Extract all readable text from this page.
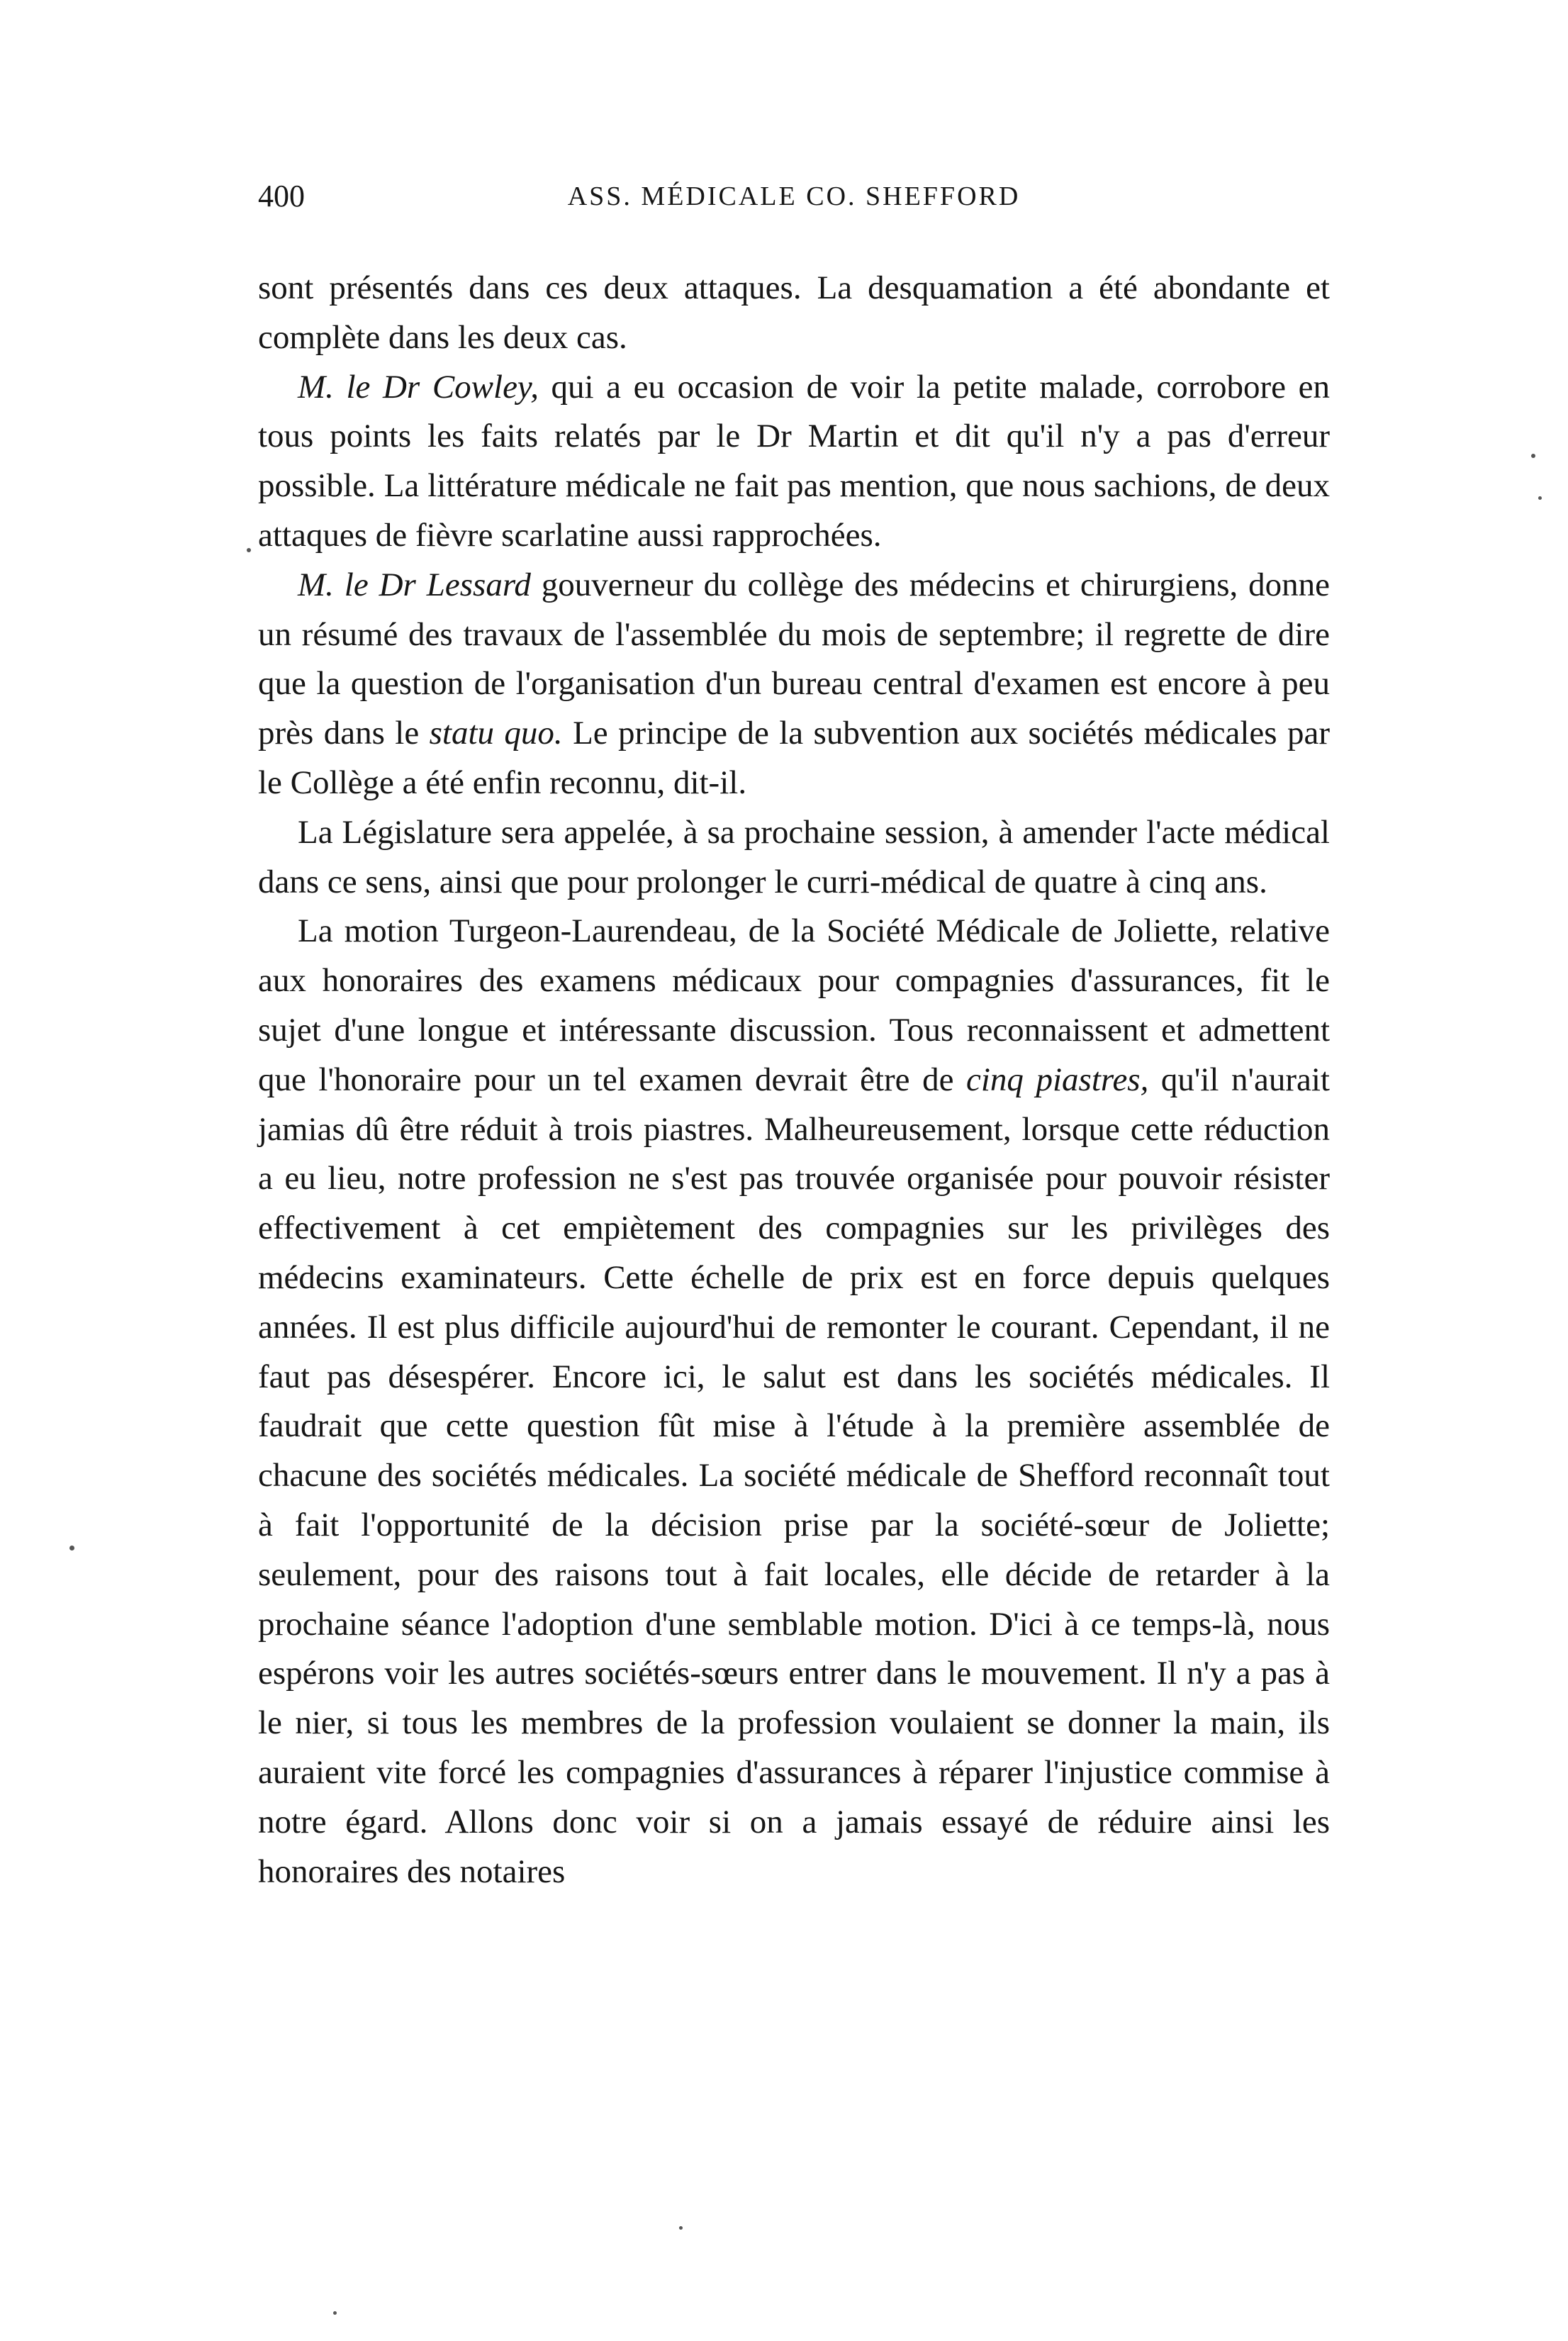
400	ASS. MÉDICALE CO. SHEFFORD

sont présentés dans ces deux attaques. La desquamation a été abondante et complète dans les deux cas.

M. le Dr Cowley, qui a eu occasion de voir la petite malade, corrobore en tous points les faits relatés par le Dr Martin et dit qu'il n'y a pas d'erreur possible. La littérature médicale ne fait pas mention, que nous sachions, de deux attaques de fièvre scarlatine aussi rapprochées.

M. le Dr Lessard gouverneur du collège des médecins et chirurgiens, donne un résumé des travaux de l'assemblée du mois de septembre; il regrette de dire que la question de l'organisation d'un bureau central d'examen est encore à peu près dans le statu quo. Le principe de la subvention aux sociétés médicales par le Collège a été enfin reconnu, dit-il.

La Législature sera appelée, à sa prochaine session, à amender l'acte médical dans ce sens, ainsi que pour prolonger le curri-médical de quatre à cinq ans.

La motion Turgeon-Laurendeau, de la Société Médicale de Joliette, relative aux honoraires des examens médicaux pour compagnies d'assurances, fit le sujet d'une longue et intéressante discussion. Tous reconnaissent et admettent que l'honoraire pour un tel examen devrait être de cinq piastres, qu'il n'aurait jamias dû être réduit à trois piastres. Malheureusement, lorsque cette réduction a eu lieu, notre profession ne s'est pas trouvée organisée pour pouvoir résister effectivement à cet empiètement des compagnies sur les privilèges des médecins examinateurs. Cette échelle de prix est en force depuis quelques années. Il est plus difficile aujourd'hui de remonter le courant. Cependant, il ne faut pas désespérer. Encore ici, le salut est dans les sociétés médicales. Il faudrait que cette question fût mise à l'étude à la première assemblée de chacune des sociétés médicales. La société médicale de Shefford reconnaît tout à fait l'opportunité de la décision prise par la société-sœur de Joliette; seulement, pour des raisons tout à fait locales, elle décide de retarder à la prochaine séance l'adoption d'une semblable motion. D'ici à ce temps-là, nous espérons voir les autres sociétés-sœurs entrer dans le mouvement. Il n'y a pas à le nier, si tous les membres de la profession voulaient se donner la main, ils auraient vite forcé les compagnies d'assurances à réparer l'injustice commise à notre égard. Allons donc voir si on a jamais essayé de réduire ainsi les honoraires des notaires
